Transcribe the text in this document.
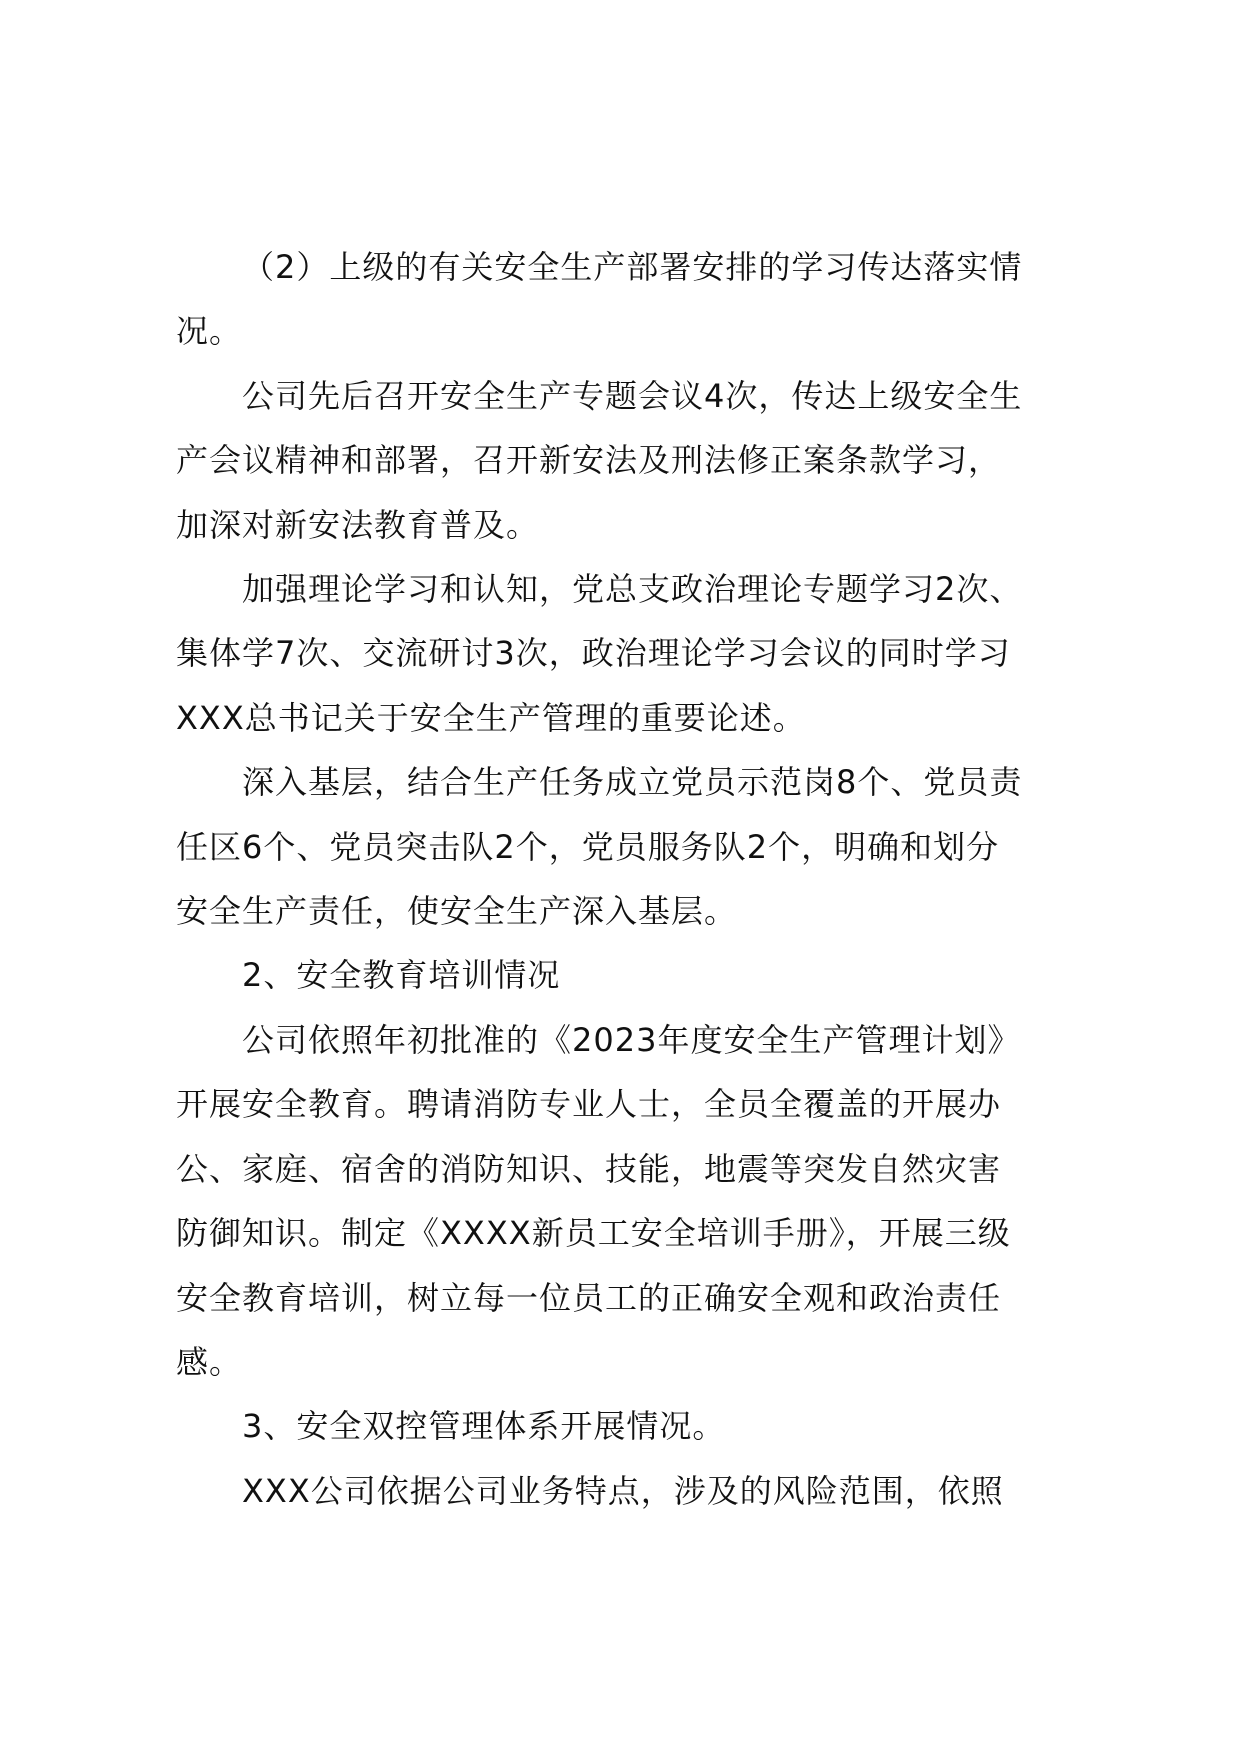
（2）上级的有关安全生产部署安排的学习传达落实情
况。

公司先后召开安全生产专题会议4次，传达上级安全生
产会议精神和部署，召开新安法及刑法修正案条款学习，
加深对新安法教育普及。

加强理论学习和认知，党总支政治理论专题学习2次、
集体学7次、交流研讨3次，政治理论学习会议的同时学习
XXX总书记关于安全生产管理的重要论述。

深入基层，结合生产任务成立党员示范岗8个、党员责
任区6个、党员突击队2个，党员服务队2个，明确和划分
安全生产责任，使安全生产深入基层。

2、安全教育培训情况

公司依照年初批准的《2023年度安全生产管理计划》
开展安全教育。聘请消防专业人士，全员全覆盖的开展办
公、家庭、宿舍的消防知识、技能，地震等突发自然灾害
防御知识。制定《XXXX新员工安全培训手册》，开展三级
安全教育培训，树立每一位员工的正确安全观和政治责任
感。

3、安全双控管理体系开展情况。

XXX公司依据公司业务特点，涉及的风险范围，依照
